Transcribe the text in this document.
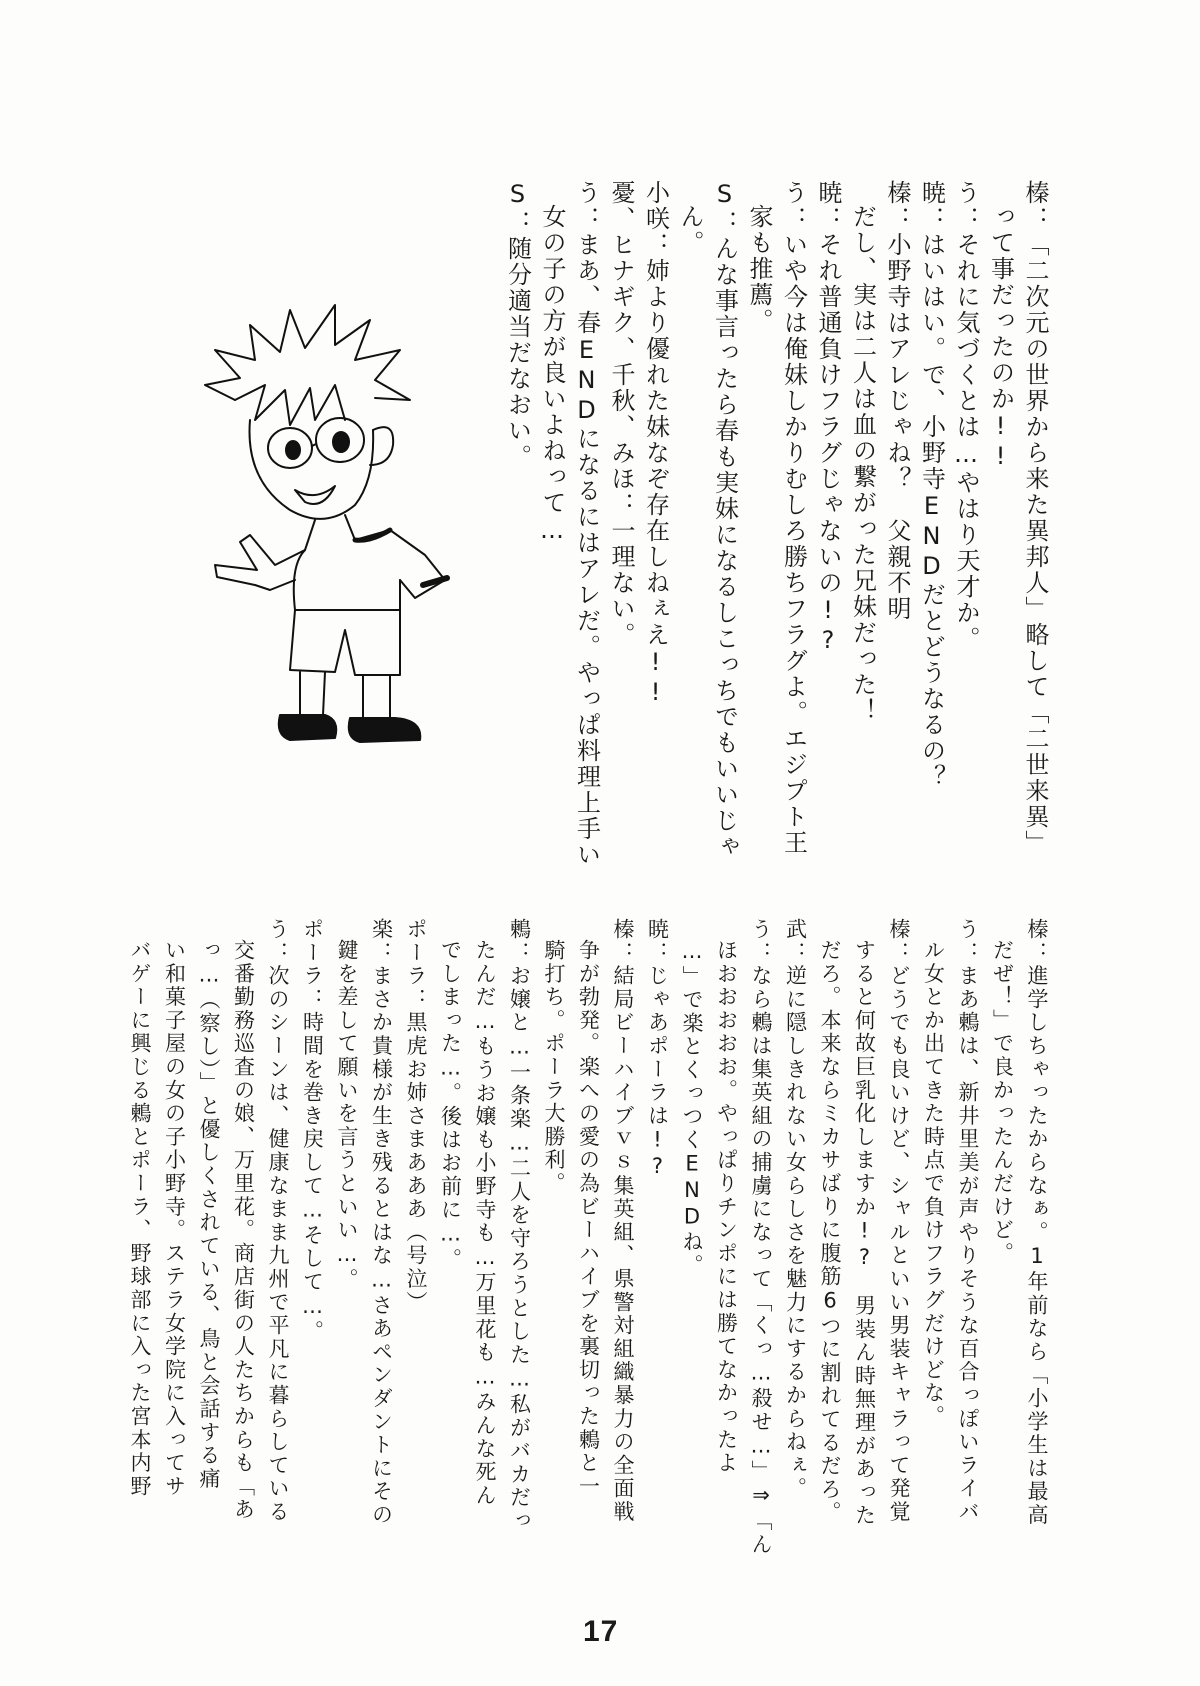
榛：「二次元の世界から来た異邦人」略して「二世来異」
って事だったのか!!
う：それに気づくとは…やはり天才か。
暁：はいはい。で、小野寺ENDだとどうなるの？
榛：小野寺はアレじゃね？　父親不明
だし、実は二人は血の繋がった兄妹だった！
暁：それ普通負けフラグじゃないの!?
う：いや今は俺妹しかりむしろ勝ちフラグよ。エジプト王
家も推薦。
S：んな事言ったら春も実妹になるしこっちでもいいじゃ
ん。
小咲：姉より優れた妹なぞ存在しねぇえ!!
憂、ヒナギク、千秋、みほ：一理ない。
う：まあ、春ENDになるにはアレだ。やっぱ料理上手い
女の子の方が良いよねって…
S：随分適当だなおい。
榛：進学しちゃったからなぁ。1年前なら「小学生は最高
だぜ！」で良かったんだけど。
う：まあ鶫は、新井里美が声やりそうな百合っぽいライバ
ル女とか出てきた時点で負けフラグだけどな。
榛：どうでも良いけど、シャルといい男装キャラって発覚
すると何故巨乳化しますか!?　男装ん時無理があった
だろ。本来ならミカサばりに腹筋6つに割れてるだろ。
武：逆に隠しきれない女らしさを魅力にするからねぇ。
う：なら鶫は集英組の捕虜になって「くっ…殺せ…」⇒「ん
ほおおおおお。やっぱりチンポには勝てなかったよ
…」で楽とくっつくENDね。
暁：じゃあポーラは!?
榛：結局ビーハイブｖｓ集英組、県警対組織暴力の全面戦
争が勃発。楽への愛の為ビーハイブを裏切った鶫と一
騎打ち。ポーラ大勝利。
鶫：お嬢と…一条楽…二人を守ろうとした…私がバカだっ
たんだ…もうお嬢も小野寺も…万里花も…みんな死ん
でしまった…。後はお前に…。
ポーラ：黒虎お姉さまあああ（号泣）
楽：まさか貴様が生き残るとはな…さあペンダントにその
鍵を差して願いを言うといい…。
ポーラ：時間を巻き戻して…そして…。
う：次のシーンは、健康なまま九州で平凡に暮らしている
交番勤務巡査の娘、万里花。商店街の人たちからも「あ
っ…（察し）」と優しくされている、鳥と会話する痛
い和菓子屋の女の子小野寺。ステラ女学院に入ってサ
バゲーに興じる鶫とポーラ、野球部に入った宮本内野
17
